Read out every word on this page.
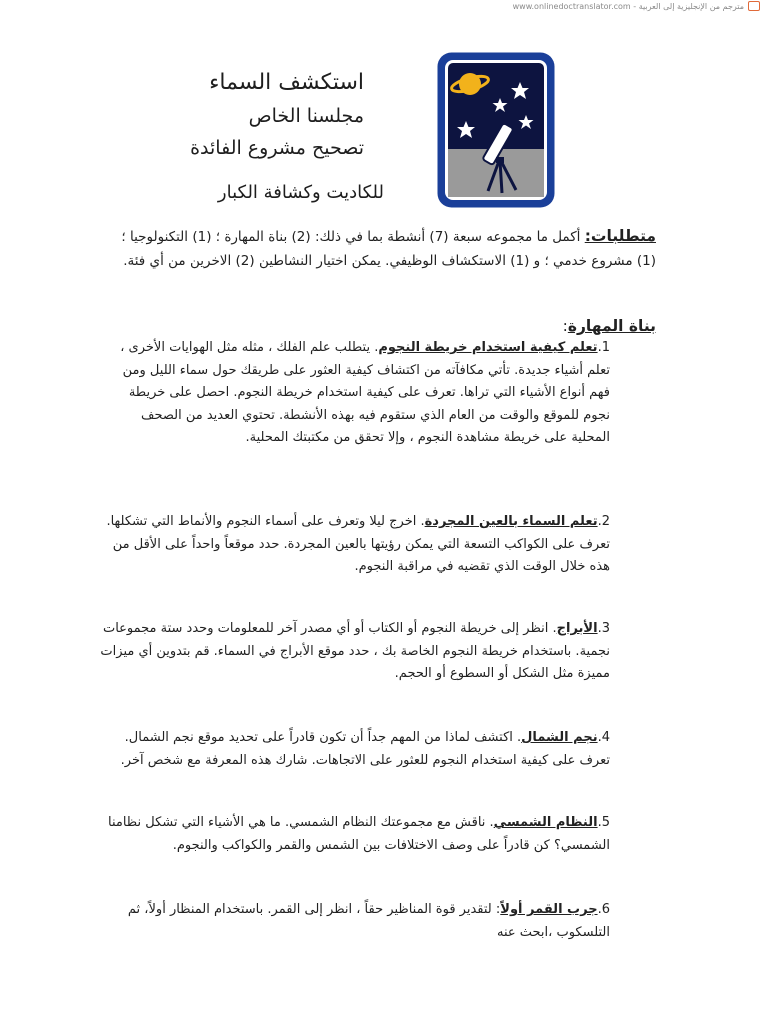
مترجم من الإنجليزية إلى العربية - www.onlinedoctranslator.com
استكشف السماء
مجلسنا الخاص
تصحيح مشروع الفائدة
للكاديت وكشافة الكبار
متطلبات: أكمل ما مجموعه سبعة (7) أنشطة بما في ذلك: (2) بناة المهارة ؛ (1) التكنولوجيا ؛ (1) مشروع خدمي ؛ و (1) الاستكشاف الوظيفي. يمكن اختيار النشاطين (2) الاخرين من أي فئة.
بناة المهارة:
1.تعلم كيفية استخدام خريطة النجوم. يتطلب علم الفلك ، مثله مثل الهوايات الأخرى ، تعلم أشياء جديدة. تأتي مكافآته من اكتشاف كيفية العثور على طريقك حول سماء الليل ومن فهم أنواع الأشياء التي تراها. تعرف على كيفية استخدام خريطة النجوم. احصل على خريطة نجوم للموقع والوقت من العام الذي ستقوم فيه بهذه الأنشطة. تحتوي العديد من الصحف المحلية على خريطة مشاهدة النجوم ، وإلا تحقق من مكتبتك المحلية.
2.تعلم السماء بالعين المجردة. اخرج ليلا وتعرف على أسماء النجوم والأنماط التي تشكلها. تعرف على الكواكب التسعة التي يمكن رؤيتها بالعين المجردة. حدد موقعاً واحداً على الأقل من هذه خلال الوقت الذي تقضيه في مراقبة النجوم.
3.الأبراج. انظر إلى خريطة النجوم أو الكتاب أو أي مصدر آخر للمعلومات وحدد ستة مجموعات نجمية. باستخدام خريطة النجوم الخاصة بك ، حدد موقع الأبراج في السماء. قم بتدوين أي ميزات مميزة مثل الشكل أو السطوع أو الحجم.
4.نجم الشمال. اكتشف لماذا من المهم جداً أن تكون قادراً على تحديد موقع نجم الشمال. تعرف على كيفية استخدام النجوم للعثور على الاتجاهات. شارك هذه المعرفة مع شخص آخر.
5.النظام الشمسي. ناقش مع مجموعتك النظام الشمسي. ما هي الأشياء التي تشكل نظامنا الشمسي؟ كن قادراً على وصف الاختلافات بين الشمس والقمر والكواكب والنجوم.
6.جرب القمر أولاً: لتقدير قوة المناظير حقاً ، انظر إلى القمر. باستخدام المنظار أولاً، ثم التلسكوب ،ابحث عنه
